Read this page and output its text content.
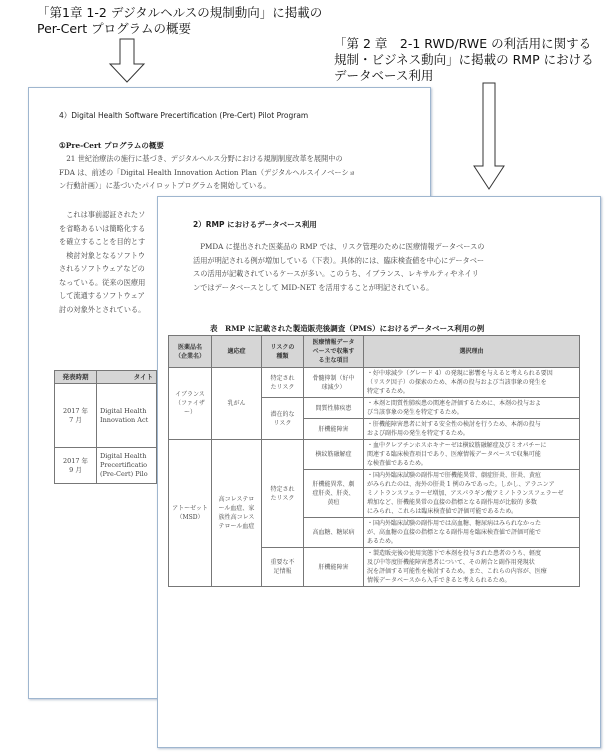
「第1章 1-2 デジタルヘルスの規制動向」に掲載の
Per-Cert プログラムの概要
「第 2 章　2-1 RWD/RWE の利活用に関する
規制・ビジネス動向」に掲載の RMP における
データベース利用
4）Digital Health Software Precertification (Pre-Cert) Pilot Program
①Pre-Cert プログラムの概要
　21 世紀治療法の施行に基づき、デジタルヘルス分野における規制制度改革を展開中の
FDA は、前述の「Digital Health Innovation Action Plan（デジタルヘルスイノベーショ
ン行動計画）」に基づいたパイロットプログラムを開始している。
　これは事前認証されたソ
を省略あるいは簡略化する
を確立することを目的とす
　検討対象となるソフトウ
されるソフトウェアなどの
なっている。従来の医療用
して流通するソフトウェア
討の対象外とされている。
発表時期	タイト
2017 年
7 月	Digital Health
Innovation Act
2017 年
9 月	Digital Health
Precertificatio
(Pre-Cert) Pilo
2）RMP におけるデータベース利用
　PMDA に提出された医薬品の RMP では、リスク管理のために医療情報データベースの
活用が明記される例が増加している（下表）。具体的には、臨床検査値を中心にデータベー
スの活用が記載されているケースが多い。このうち、イブランス、レキサルティやネイリ
ンではデータベースとして MID-NET を活用することが明記されている。
表　RMP に記載された製造販売後調査（PMS）におけるデータベース利用の例
医薬品名
（企業名）	適応症	リスクの
種類	医療情報データ
ベースで収集す
る主な項目	選択理由
イブランス
（ファイザ
ー）	乳がん	特定され
たリスク	骨髄抑制（好中
球減少）	・好中球減少（グレード 4）の発現に影響を与えると考えられる要因
（リスク因子）の探索のため、本剤の投与および当該事象の発生を
特定するため。
		潜在的な
リスク	間質性肺疾患	・本剤と間質性肺疾患の関連を評価するために、本剤の投与およ
び当該事象の発生を特定するため。
			肝機能障害	・肝機能障害患者に対する安全性の検討を行うため、本剤の投与
および副作用の発生を特定するため。
アトーゼット
（MSD）	高コレステロ
ール血症、家
族性高コレス
テロール血症	特定され
たリスク	横紋筋融解症	・血中クレアチンホスホキナーゼは横紋筋融解症及びミオパチーに
関連する臨床検査項目であり、医療情報データベースで収集可能
な検査値であるため。
			肝機能異常、劇
症肝炎、肝炎、
黄疸	・国内外臨床試験の副作用で肝機能異常、劇症肝炎、肝炎、黄疸
がみられたのは、海外の肝炎 1 例のみであった。しかし、アラニンア
ミノトランスフェラーゼ増加、アスパラギン酸アミノトランスフェラーゼ
増加など、肝機能異常の直接の指標となる副作用が比較的 多数
にみられ、これらは臨床検査値で評価可能であるため。
			高血糖、糖尿病	・国内外臨床試験の副作用では高血糖、糖尿病はみられなかった
が、高血糖の直接の指標となる副作用を臨床検査値で評価可能で
あるため。
		重要な不
足情報	肝機能障害	・製造販売後の使用実態下で本剤を投与された患者のうち、軽度
及び中等度肝機能障害患者について、その割合と副作用発現状
況を評価する可能性を検討するため。また、これらの内容が、医療
情報データベースから入手できると考えられるため。
